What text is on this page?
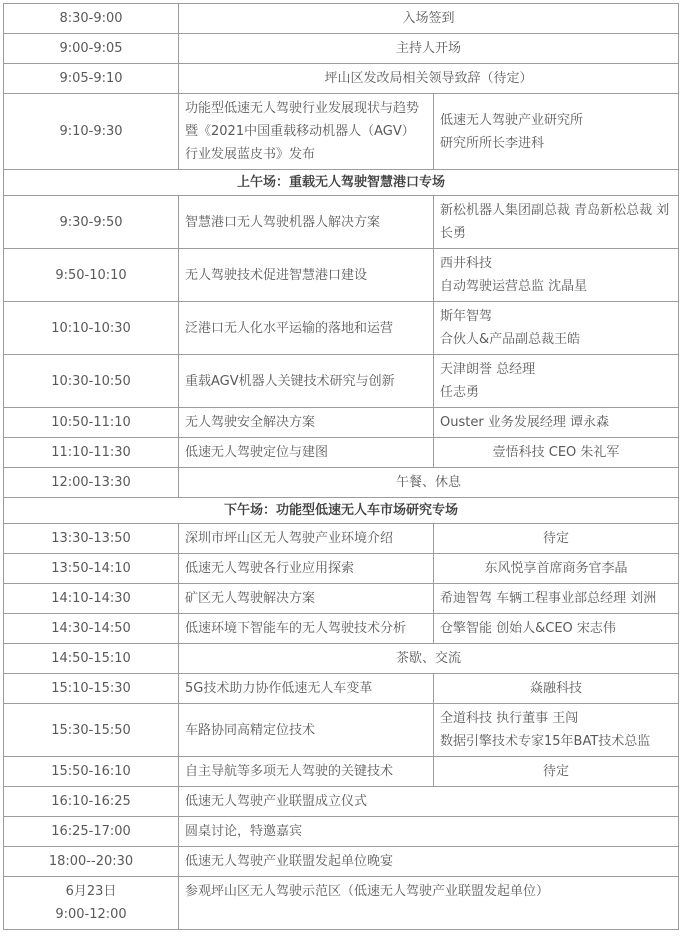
8:30-9:00	入场签到	

9:00-9:05	主持人开场	

9:05-9:10	坪山区发改局相关领导致辞（待定）	

9:10-9:30	功能型低速无人驾驶行业发展现状与趋势暨《2021中国重载移动机器人（AGV）行业发展蓝皮书》发布	低速无人驾驶产业研究所
研究所所长李进科

上午场：重载无人驾驶智慧港口专场		

9:30-9:50	智慧港口无人驾驶机器人解决方案	新松机器人集团副总裁 青岛新松总裁 刘长勇

9:50-10:10	无人驾驶技术促进智慧港口建设	西井科技
自动驾驶运营总监 沈晶星

10:10-10:30	泛港口无人化水平运输的落地和运营	斯年智驾
合伙人&产品副总裁王皓

10:30-10:50	重载AGV机器人关键技术研究与创新	天津朗誉 总经理
任志勇

10:50-11:10	无人驾驶安全解决方案	Ouster 业务发展经理 谭永森

11:10-11:30	低速无人驾驶定位与建图	壹悟科技 CEO 朱礼军

12:00-13:30	午餐、休息	
下午场：功能型低速无人车市场研究专场		

13:30-13:50	深圳市坪山区无人驾驶产业环境介绍	待定

13:50-14:10	低速无人驾驶各行业应用探索	东风悦享首席商务官李晶

14:10-14:30	矿区无人驾驶解决方案	希迪智驾 车辆工程事业部总经理 刘洲

14:30-14:50	低速环境下智能车的无人驾驶技术分析	仓擎智能 创始人&CEO 宋志伟

14:50-15:10	茶歇、交流	

15:10-15:30	5G技术助力协作低速无人车变革	焱融科技

15:30-15:50	车路协同高精定位技术	全道科技 执行董事 王闯
数据引擎技术专家15年BAT技术总监

15:50-16:10	自主导航等多项无人驾驶的关键技术	待定

16:10-16:25	低速无人驾驶产业联盟成立仪式	

16:25-17:00	圆桌讨论，特邀嘉宾	

18:00--20:30	低速无人驾驶产业联盟发起单位晚宴	

6月23日
9:00-12:00	参观坪山区无人驾驶示范区（低速无人驾驶产业联盟发起单位）	
